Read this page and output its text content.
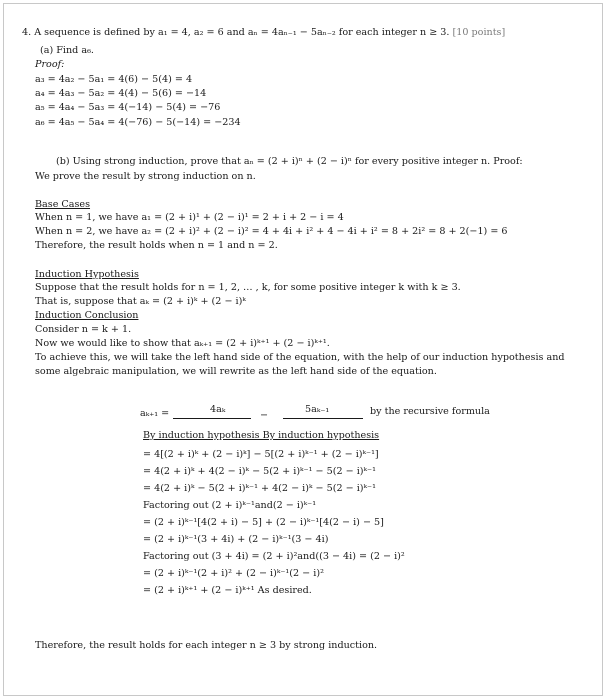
4. A sequence is defined by a₁ = 4, a₂ = 6 and aₙ = 4aₙ₋₁ − 5aₙ₋₂ for each integer n ≥ 3. [10 points]
(a) Find a₆.
Proof:
a₃ = 4a₂ − 5a₁ = 4(6) − 5(4) = 4
a₄ = 4a₃ − 5a₂ = 4(4) − 5(6) = −14
a₅ = 4a₄ − 5a₃ = 4(−14) − 5(4) = −76
a₆ = 4a₅ − 5a₄ = 4(−76) − 5(−14) = −234
(b) Using strong induction, prove that aₙ = (2 + i)ⁿ + (2 − i)ⁿ for every positive integer n. Proof:
We prove the result by strong induction on n.
Base Cases
When n = 1, we have a₁ = (2 + i)¹ + (2 − i)¹ = 2 + i + 2 − i = 4
When n = 2, we have a₂ = (2 + i)² + (2 − i)² = 4 + 4i + i² + 4 − 4i + i² = 8 + 2i² = 8 + 2(−1) = 6
Therefore, the result holds when n = 1 and n = 2.
Induction Hypothesis
Suppose that the result holds for n = 1, 2, … , k, for some positive integer k with k ≥ 3.
That is, suppose that aₖ = (2 + i)ᵏ + (2 − i)ᵏ
Induction Conclusion
Consider n = k + 1.
Now we would like to show that aₖ₊₁ = (2 + i)ᵏ⁺¹ + (2 − i)ᵏ⁺¹.
To achieve this, we will take the left hand side of the equation, with the help of our induction hypothesis and
some algebraic manipulation, we will rewrite as the left hand side of the equation.
aₖ₊₁ =	4aₖ
−
5aₖ₋₁	by the recursive formula
By induction hypothesis By induction hypothesis
= 4[(2 + i)ᵏ + (2 − i)ᵏ] − 5[(2 + i)ᵏ⁻¹ + (2 − i)ᵏ⁻¹]
= 4(2 + i)ᵏ + 4(2 − i)ᵏ − 5(2 + i)ᵏ⁻¹ − 5(2 − i)ᵏ⁻¹
= 4(2 + i)ᵏ − 5(2 + i)ᵏ⁻¹ + 4(2 − i)ᵏ − 5(2 − i)ᵏ⁻¹
Factoring out (2 + i)ᵏ⁻¹and(2 − i)ᵏ⁻¹
= (2 + i)ᵏ⁻¹[4(2 + i) − 5] + (2 − i)ᵏ⁻¹[4(2 − i) − 5]
= (2 + i)ᵏ⁻¹(3 + 4i) + (2 − i)ᵏ⁻¹(3 − 4i)
Factoring out (3 + 4i) = (2 + i)²and((3 − 4i) = (2 − i)²
= (2 + i)ᵏ⁻¹(2 + i)² + (2 − i)ᵏ⁻¹(2 − i)²
= (2 + i)ᵏ⁺¹ + (2 − i)ᵏ⁺¹ As desired.
Therefore, the result holds for each integer n ≥ 3 by strong induction.
